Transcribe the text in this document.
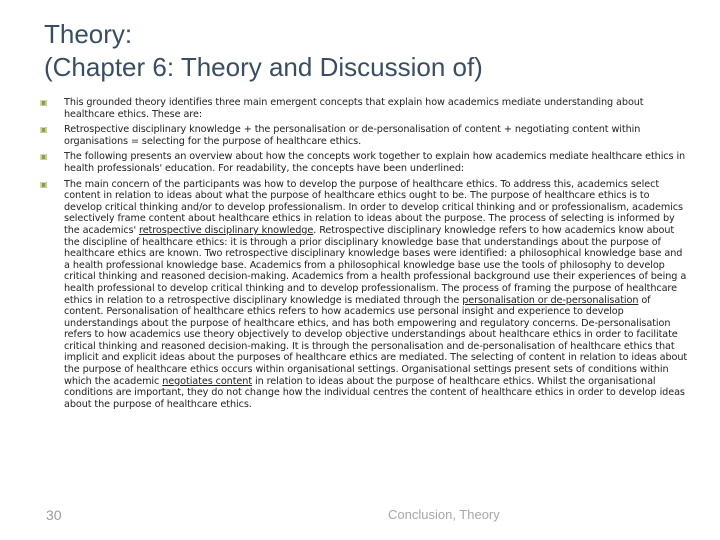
Theory:
(Chapter 6: Theory and Discussion of)
▣ This grounded theory identifies three main emergent concepts that explain how academics mediate understanding about healthcare ethics. These are:
▣ Retrospective disciplinary knowledge + the personalisation or de-personalisation of content + negotiating content within organisations = selecting for the purpose of healthcare ethics.
▣ The following presents an overview about how the concepts work together to explain how academics mediate healthcare ethics in health professionals' education. For readability, the concepts have been underlined:
▣ The main concern of the participants was how to develop the purpose of healthcare ethics. To address this, academics select content in relation to ideas about what the purpose of healthcare ethics ought to be. The purpose of healthcare ethics is to develop critical thinking and/or to develop professionalism. In order to develop critical thinking and or professionalism, academics selectively frame content about healthcare ethics in relation to ideas about the purpose. The process of selecting is informed by the academics' retrospective disciplinary knowledge. Retrospective disciplinary knowledge refers to how academics know about the discipline of healthcare ethics: it is through a prior disciplinary knowledge base that understandings about the purpose of healthcare ethics are known. Two retrospective disciplinary knowledge bases were identified: a philosophical knowledge base and a health professional knowledge base. Academics from a philosophical knowledge base use the tools of philosophy to develop critical thinking and reasoned decision-making. Academics from a health professional background use their experiences of being a health professional to develop critical thinking and to develop professionalism. The process of framing the purpose of healthcare ethics in relation to a retrospective disciplinary knowledge is mediated through the personalisation or de-personalisation of content. Personalisation of healthcare ethics refers to how academics use personal insight and experience to develop understandings about the purpose of healthcare ethics, and has both empowering and regulatory concerns. De-personalisation refers to how academics use theory objectively to develop objective understandings about healthcare ethics in order to facilitate critical thinking and reasoned decision-making. It is through the personalisation and de-personalisation of healthcare ethics that implicit and explicit ideas about the purposes of healthcare ethics are mediated. The selecting of content in relation to ideas about the purpose of healthcare ethics occurs within organisational settings. Organisational settings present sets of conditions within which the academic negotiates content in relation to ideas about the purpose of healthcare ethics. Whilst the organisational conditions are important, they do not change how the individual centres the content of healthcare ethics in order to develop ideas about the purpose of healthcare ethics.
30	Conclusion, Theory
